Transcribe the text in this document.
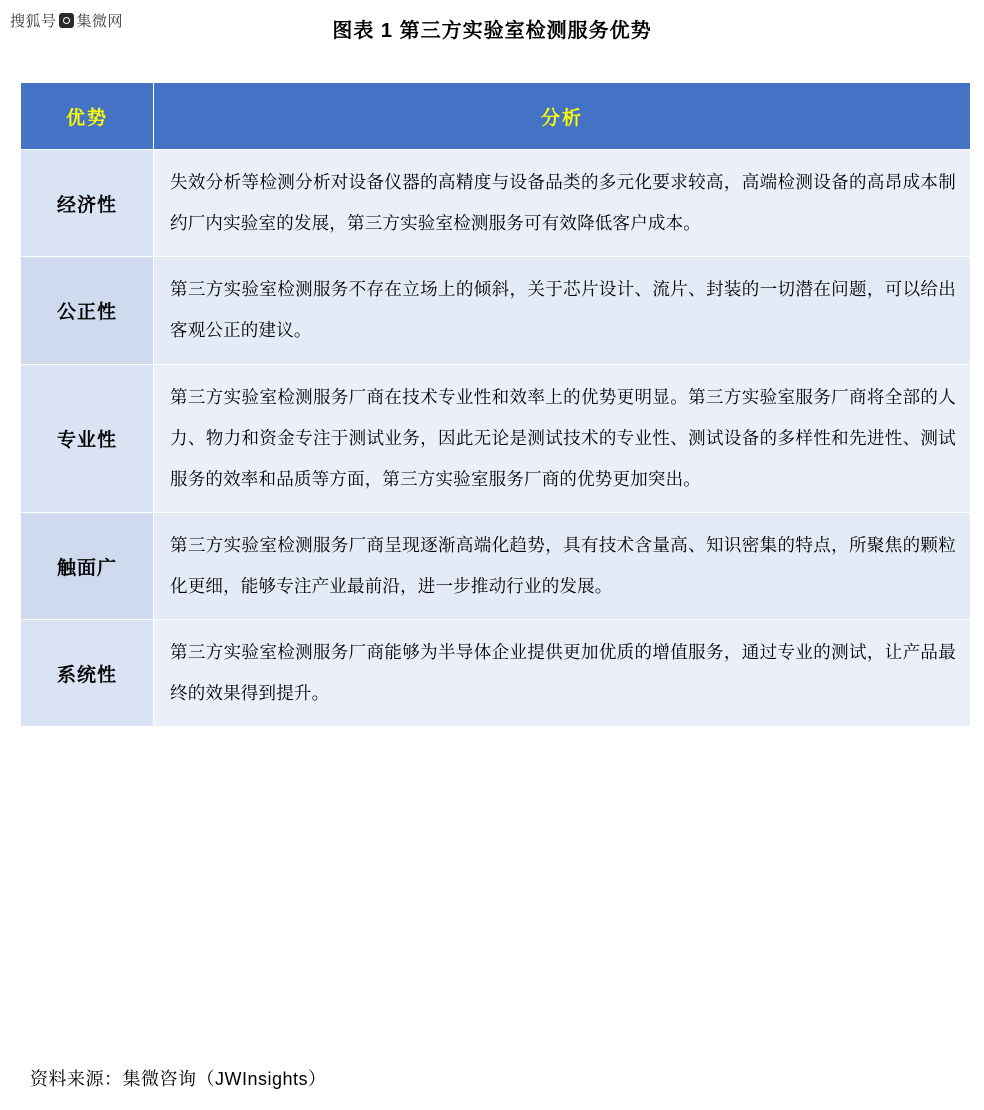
搜狐号 集微网	图表 1 第三方实验室检测服务优势
优势	分析
经济性	失效分析等检测分析对设备仪器的高精度与设备品类的多元化要求较高，高端检测设备的高昂成本制约厂内实验室的发展，第三方实验室检测服务可有效降低客户成本。
公正性	第三方实验室检测服务不存在立场上的倾斜，关于芯片设计、流片、封装的一切潜在问题，可以给出客观公正的建议。
专业性	第三方实验室检测服务厂商在技术专业性和效率上的优势更明显。第三方实验室服务厂商将全部的人力、物力和资金专注于测试业务，因此无论是测试技术的专业性、测试设备的多样性和先进性、测试服务的效率和品质等方面，第三方实验室服务厂商的优势更加突出。
触面广	第三方实验室检测服务厂商呈现逐渐高端化趋势，具有技术含量高、知识密集的特点，所聚焦的颗粒化更细，能够专注产业最前沿，进一步推动行业的发展。
系统性	第三方实验室检测服务厂商能够为半导体企业提供更加优质的增值服务，通过专业的测试，让产品最终的效果得到提升。
资料来源：集微咨询（JWInsights）
